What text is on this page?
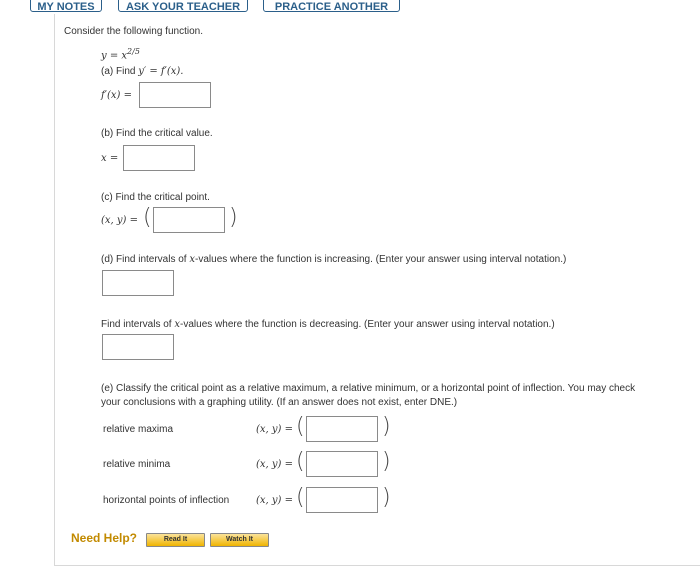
MY NOTES	ASK YOUR TEACHER	PRACTICE ANOTHER
Consider the following function.
$y = x^{2/5}$
(a) Find y′ = f′(x).
f′(x) =
(b) Find the critical value.
x =
(c) Find the critical point.
(x, y) = (	)
(d) Find intervals of x-values where the function is increasing. (Enter your answer using interval notation.)
Find intervals of x-values where the function is decreasing. (Enter your answer using interval notation.)
(e) Classify the critical point as a relative maximum, a relative minimum, or a horizontal point of inflection. You may check
your conclusions with a graphing utility. (If an answer does not exist, enter DNE.)
relative maxima	(x, y) = (	)
relative minima	(x, y) = (	)
horizontal points of inflection	(x, y) = (	)
Need Help?	Read It	Watch It
